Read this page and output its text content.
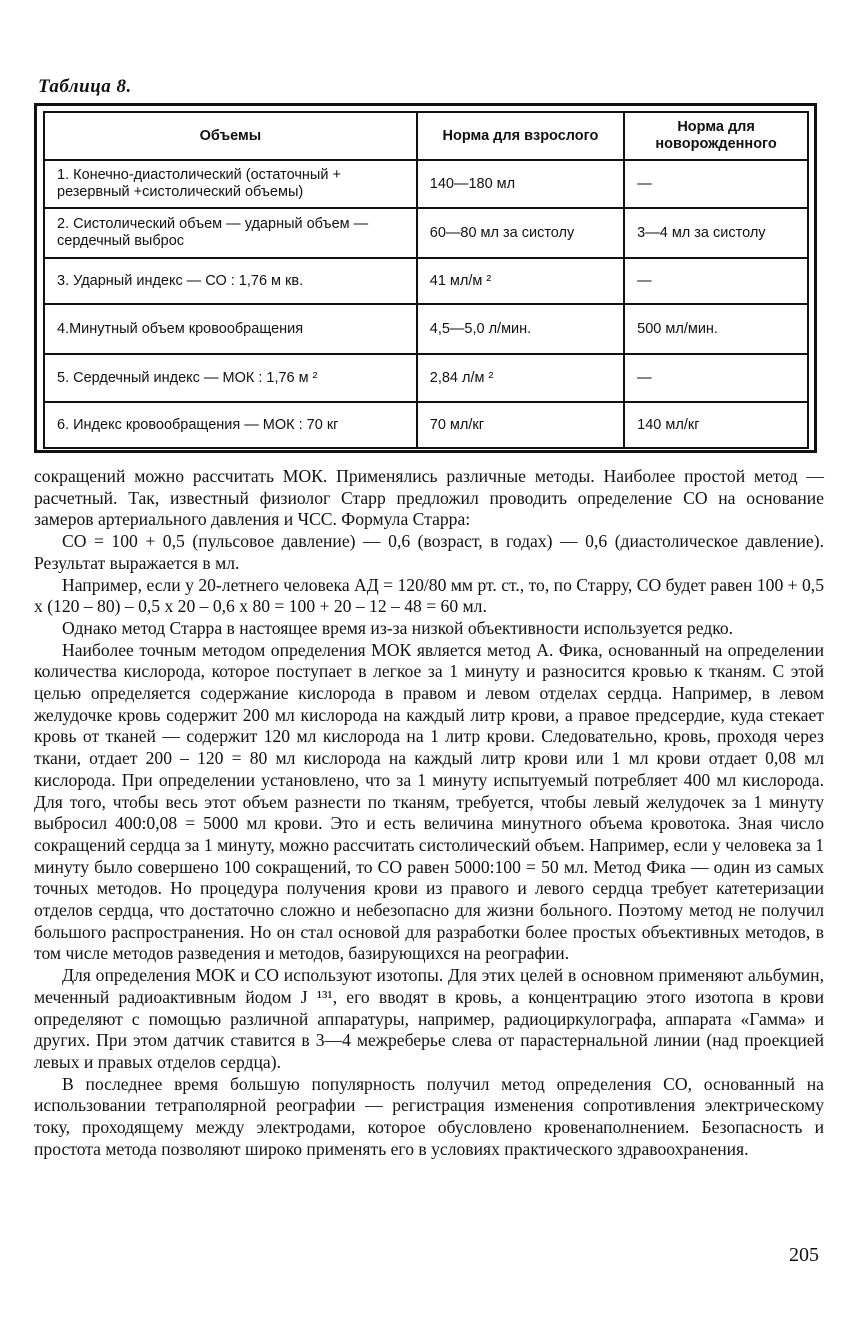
Таблица 8.
Объемы	Норма для взрослого	Норма для новорожденного
1. Конечно-диастолический (остаточный + резервный +систолический объемы)	140—180 мл	—
2. Систолический объем — ударный объем — сердечный выброс	60—80 мл за систолу	3—4 мл за систолу
3. Ударный индекс — СО : 1,76 м кв.	41 мл/м ²	—
4.Минутный объем кровообращения	4,5—5,0 л/мин.	500 мл/мин.
5. Сердечный индекс — МОК : 1,76 м ²	2,84 л/м ²	—
6. Индекс кровообращения — МОК : 70 кг	70 мл/кг	140 мл/кг

сокращений можно рассчитать МОК. Применялись различные методы. Наиболее простой метод — расчетный. Так, известный физиолог Старр предложил проводить определение СО на основание замеров артериального давления и ЧСС. Формула Старра:

СО = 100 + 0,5 (пульсовое давление) — 0,6 (возраст, в годах) — 0,6 (диастолическое давление). Результат выражается в мл.

Например, если у 20-летнего человека АД = 120/80 мм рт. ст., то, по Старру, СО будет равен 100 + 0,5 х (120 – 80) – 0,5 х 20 – 0,6 х 80 = 100 + 20 – 12 – 48 = 60 мл.

Однако метод Старра в настоящее время из-за низкой объективности используется редко.

Наиболее точным методом определения МОК является метод А. Фика, основанный на определении количества кислорода, которое поступает в легкое за 1 минуту и разносится кровью к тканям. С этой целью определяется содержание кислорода в правом и левом отделах сердца. Например, в левом желудочке кровь содержит 200 мл кислорода на каждый литр крови, а правое предсердие, куда стекает кровь от тканей — содержит 120 мл кислорода на 1 литр крови. Следовательно, кровь, проходя через ткани, отдает 200 – 120 = 80 мл кислорода на каждый литр крови или 1 мл крови отдает 0,08 мл кислорода. При определении установлено, что за 1 минуту испытуемый потребляет 400 мл кислорода. Для того, чтобы весь этот объем разнести по тканям, требуется, чтобы левый желудочек за 1 минуту выбросил 400:0,08 = 5000 мл крови. Это и есть величина минутного объема кровотока. Зная число сокращений сердца за 1 минуту, можно рассчитать систолический объем. Например, если у человека за 1 минуту было совершено 100 сокращений, то СО равен 5000:100 = 50 мл. Метод Фика — один из самых точных методов. Но процедура получения крови из правого и левого сердца требует катетеризации отделов сердца, что достаточно сложно и небезопасно для жизни больного. Поэтому метод не получил большого распространения. Но он стал основой для разработки более простых объективных методов, в том числе методов разведения и методов, базирующихся на реографии.

Для определения МОК и СО используют изотопы. Для этих целей в основном применяют альбумин, меченный радиоактивным йодом J ¹³¹, его вводят в кровь, а концентрацию этого изотопа в крови определяют с помощью различной аппаратуры, например, радиоциркулографа, аппарата «Гамма» и других. При этом датчик ставится в 3—4 межреберье слева от парастернальной линии (над проекцией левых и правых отделов сердца).

В последнее время большую популярность получил метод определения СО, основанный на использовании тетраполярной реографии — регистрация изменения сопротивления электрическому току, проходящему между электродами, которое обусловлено кровенаполнением. Безопасность и простота метода позволяют широко применять его в условиях практического здравоохранения.

205
